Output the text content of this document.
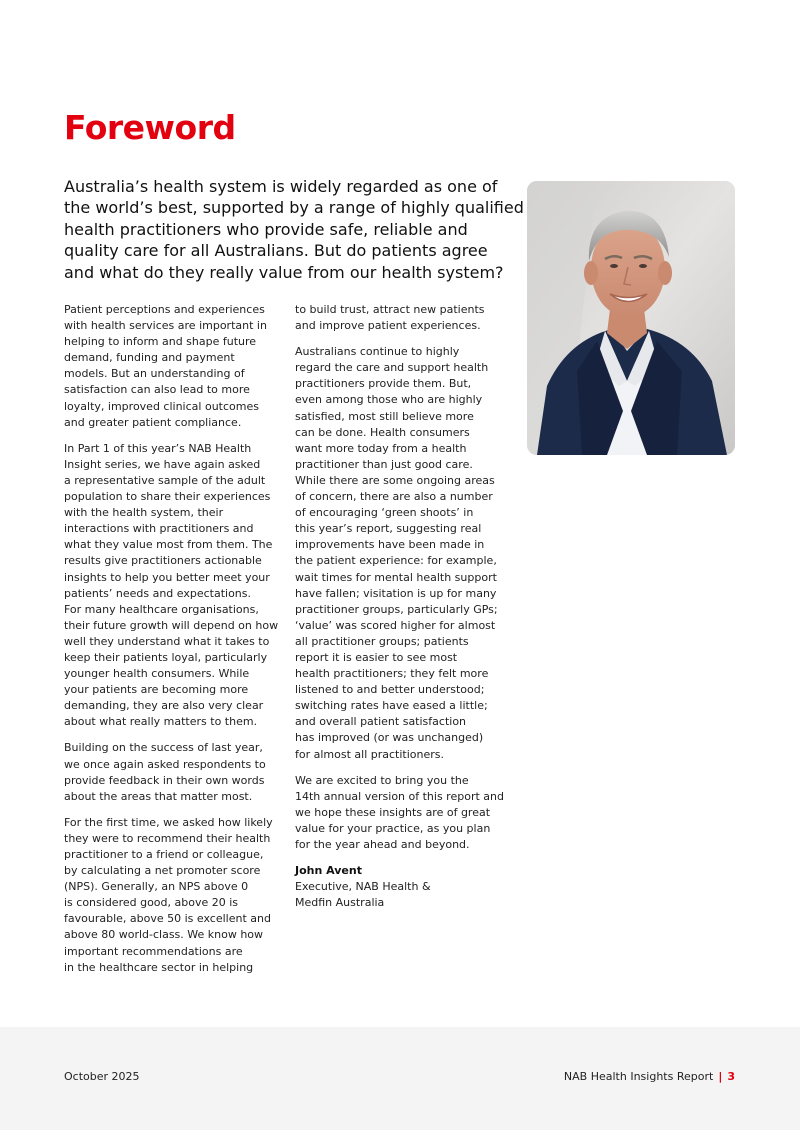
Foreword

Australia’s health system is widely regarded as one of
the world’s best, supported by a range of highly qualified
health practitioners who provide safe, reliable and
quality care for all Australians. But do patients agree
and what do they really value from our health system?

Patient perceptions and experiences
with health services are important in
helping to inform and shape future
demand, funding and payment
models. But an understanding of
satisfaction can also lead to more
loyalty, improved clinical outcomes
and greater patient compliance.
In Part 1 of this year’s NAB Health
Insight series, we have again asked
a representative sample of the adult
population to share their experiences
with the health system, their
interactions with practitioners and
what they value most from them. The
results give practitioners actionable
insights to help you better meet your
patients’ needs and expectations.
For many healthcare organisations,
their future growth will depend on how
well they understand what it takes to
keep their patients loyal, particularly
younger health consumers. While
your patients are becoming more
demanding, they are also very clear
about what really matters to them.
Building on the success of last year,
we once again asked respondents to
provide feedback in their own words
about the areas that matter most.
For the first time, we asked how likely
they were to recommend their health
practitioner to a friend or colleague,
by calculating a net promoter score
(NPS). Generally, an NPS above 0
is considered good, above 20 is
favourable, above 50 is excellent and
above 80 world-class. We know how
important recommendations are
in the healthcare sector in helping
to build trust, attract new patients
and improve patient experiences.
Australians continue to highly
regard the care and support health
practitioners provide them. But,
even among those who are highly
satisfied, most still believe more
can be done. Health consumers
want more today from a health
practitioner than just good care.
While there are some ongoing areas
of concern, there are also a number
of encouraging ‘green shoots’ in
this year’s report, suggesting real
improvements have been made in
the patient experience: for example,
wait times for mental health support
have fallen; visitation is up for many
practitioner groups, particularly GPs;
‘value’ was scored higher for almost
all practitioner groups; patients
report it is easier to see most
health practitioners; they felt more
listened to and better understood;
switching rates have eased a little;
and overall patient satisfaction
has improved (or was unchanged)
for almost all practitioners.
We are excited to bring you the
14th annual version of this report and
we hope these insights are of great
value for your practice, as you plan
for the year ahead and beyond.
John Avent
Executive, NAB Health &
Medfin Australia
October 2025	NAB Health Insights Report | 3
